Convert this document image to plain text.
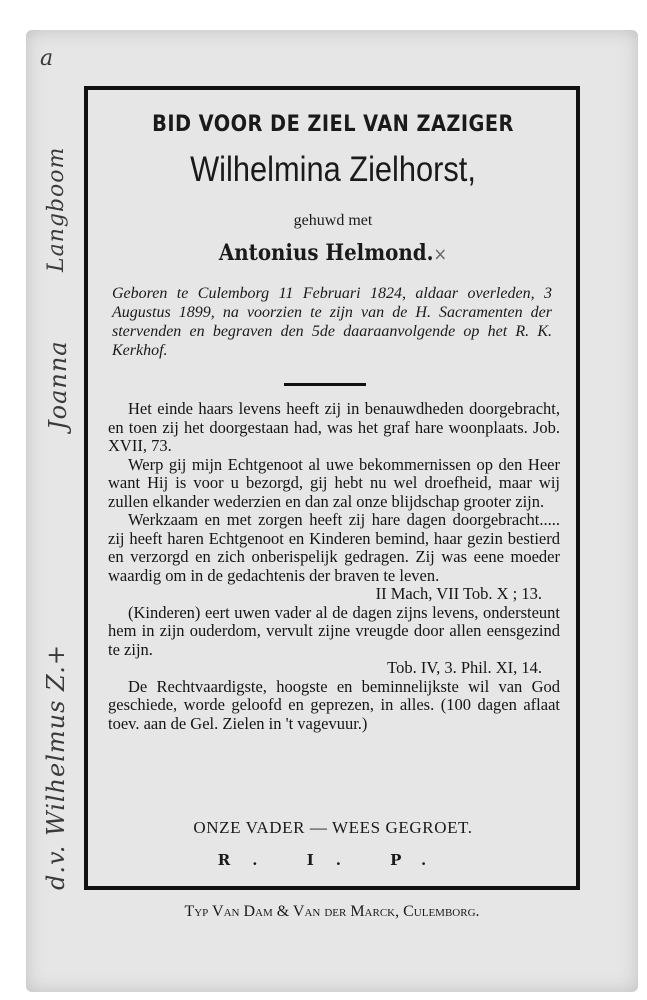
a
Langboom
Joanna
d.v. Wilhelmus Z.+
BID VOOR DE ZIEL VAN ZAZIGER
Wilhelmina Zielhorst,
gehuwd met
Antonius Helmond.×
Geboren te Culemborg 11 Februari 1824, aldaar overleden, 3 Augustus 1899, na voorzien te zijn van de H. Sacramenten der stervenden en begraven den 5de daaraanvolgende op het R. K. Kerkhof.

Het einde haars levens heeft zij in benauwdheden doorgebracht, en toen zij het doorgestaan had, was het graf hare woonplaats. Job. XVII, 73.

Werp gij mijn Echtgenoot al uwe bekommernissen op den Heer want Hij is voor u bezorgd, gij hebt nu wel droefheid, maar wij zullen elkander wederzien en dan zal onze blijdschap grooter zijn.

Werkzaam en met zorgen heeft zij hare dagen doorgebracht..... zij heeft haren Echtgenoot en Kinderen bemind, haar gezin bestierd en verzorgd en zich onberispelijk gedragen. Zij was eene moeder waardig om in de gedachtenis der braven te leven.

II Mach, VII Tob. X ; 13.

(Kinderen) eert uwen vader al de dagen zijns levens, ondersteunt hem in zijn ouderdom, vervult zijne vreugde door allen eensgezind te zijn.

Tob. IV, 3. Phil. XI, 14.

De Rechtvaardigste, hoogste en beminnelijkste wil van God geschiede, worde geloofd en geprezen, in alles. (100 dagen aflaat toev. aan de Gel. Zielen in 't vagevuur.)

ONZE VADER — WEES GEGROET.
R. I. P.
Typ Van Dam & Van der Marck, Culemborg.
